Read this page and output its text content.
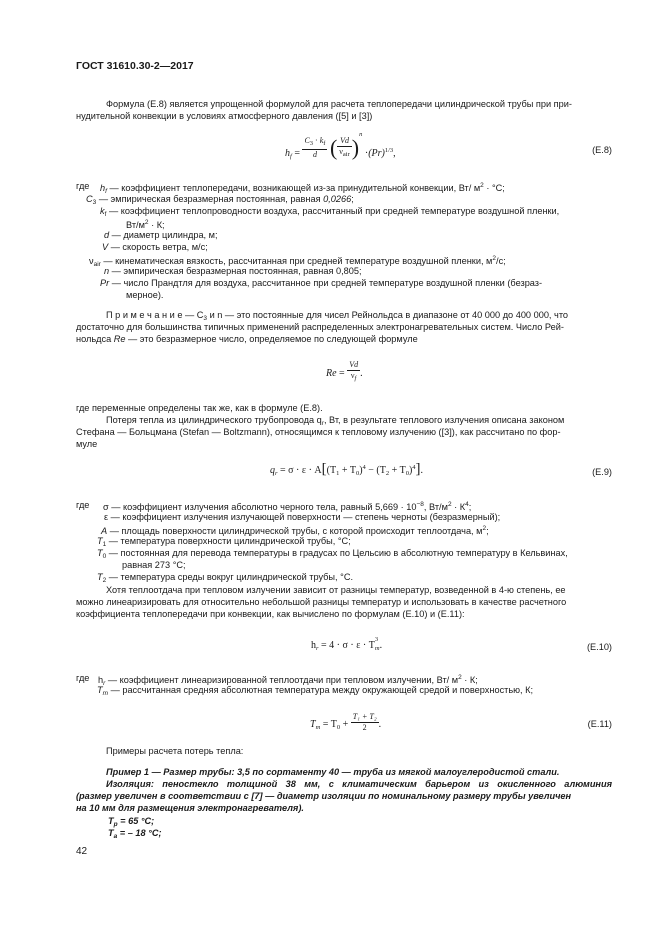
ГОСТ 31610.30-2—2017
Формула (Е.8) является упрощенной формулой для расчета теплопередачи цилиндрической трубы при при-
нудительной конвекции в условиях атмосферного давления ([5] и [3])
$h_f = \frac{C_3 \cdot k_f}{d}$ ( $\frac{Vd}{\nu_{air}} )^n \cdot(Pr)^{1/3}$,	(Е.8)
где $h_f$ — коэффициент теплопередачи, возникающей из-за принудительной конвекции, Вт/ $м^2 \cdot ^\circ С$;
$C_3$ — эмпирическая безразмерная постоянная, равная 0,0266;
$k_f$ — коэффициент теплопроводности воздуха, рассчитанный при средней температуре воздушной пленки,
$Вт/м^2 \cdot К$;
d — диаметр цилиндра, м;
V — скорость ветра, м/с;
$\nu_{air}$ — кинематическая вязкость, рассчитанная при средней температуре воздушной пленки, $м^2/с$;
n — эмпирическая безразмерная постоянная, равная 0,805;
Pr — число Прандтля для воздуха, рассчитанное при средней температуре воздушной пленки (безраз-
мерное).
П р и м е ч а н и е — $C_3$ и n — это постоянные для чисел Рейнольдса в диапазоне от 40 000 до 400 000, что
достаточно для большинства типичных применений распределенных электронагревательных систем. Число Рей-
нольдса Re — это безразмерное число, определяемое по следующей формуле
$Re = \frac{Vd}{\nu_f}$ .
где переменные определены так же, как в формуле (Е.8).
Потеря тепла из цилиндрического трубопровода $q_r$, Вт, в результате теплового излучения описана законом
Стефана — Больцмана (Stefan — Boltzmann), относящимся к тепловому излучению ([3]), как рассчитано по фор-
муле
$q_r = \sigma \cdot \varepsilon \cdot A[(T_1 + T_0)^4 - (T_2 + T_0)^4]$.	(Е.9)
где σ — коэффициент излучения абсолютно черного тела, равный $5,669 \cdot 10^{-8}$, $Вт/м^2 \cdot К^4$;
ε — коэффициент излучения излучающей поверхности — степень черноты (безразмерный);
A — площадь поверхности цилиндрической трубы, с которой происходит теплоотдача, $м^2$;
$T_1$ — температура поверхности цилиндрической трубы, °С;
$T_0$ — постоянная для перевода температуры в градусах по Цельсию в абсолютную температуру в Кельвинах,
равная 273 °С;
$T_2$ — температура среды вокруг цилиндрической трубы, °С.
Хотя теплоотдача при тепловом излучении зависит от разницы температур, возведенной в 4-ю степень, ее
можно линеаризировать для относительно небольшой разницы температур и использовать в качестве расчетного
коэффициента теплопередачи при конвекции, как вычислено по формулам (Е.10) и (Е.11):
$h_r = 4 \cdot \sigma \cdot \varepsilon \cdot T$
3
$_m$.	(Е.10)
где $h_r$ — коэффициент линеаризированной теплоотдачи при тепловом излучении, Вт/ $м^2 \cdot К$;
$T_m$ — рассчитанная средняя абсолютная температура между окружающей средой и поверхностью, К;
$T_m = T_0 + \frac{\text{T₁ + T₂}}{2}$ .	(Е.11)
Примеры расчета потерь тепла:
Пример 1 — Размер трубы: 3,5 по сортаменту 40 — труба из мягкой малоуглеродистой стали.
Изоляция: пеностекло толщиной 38 мм, с климатическим барьером из окисленного алюминия
(размер увеличен в соответствии с [7] — диаметр изоляции по номинальному размеру трубы увеличен
на 10 мм для размещения электронагревателя).
$T_p = 65$ °C;
$T_a$ = – 18 °C;
42
